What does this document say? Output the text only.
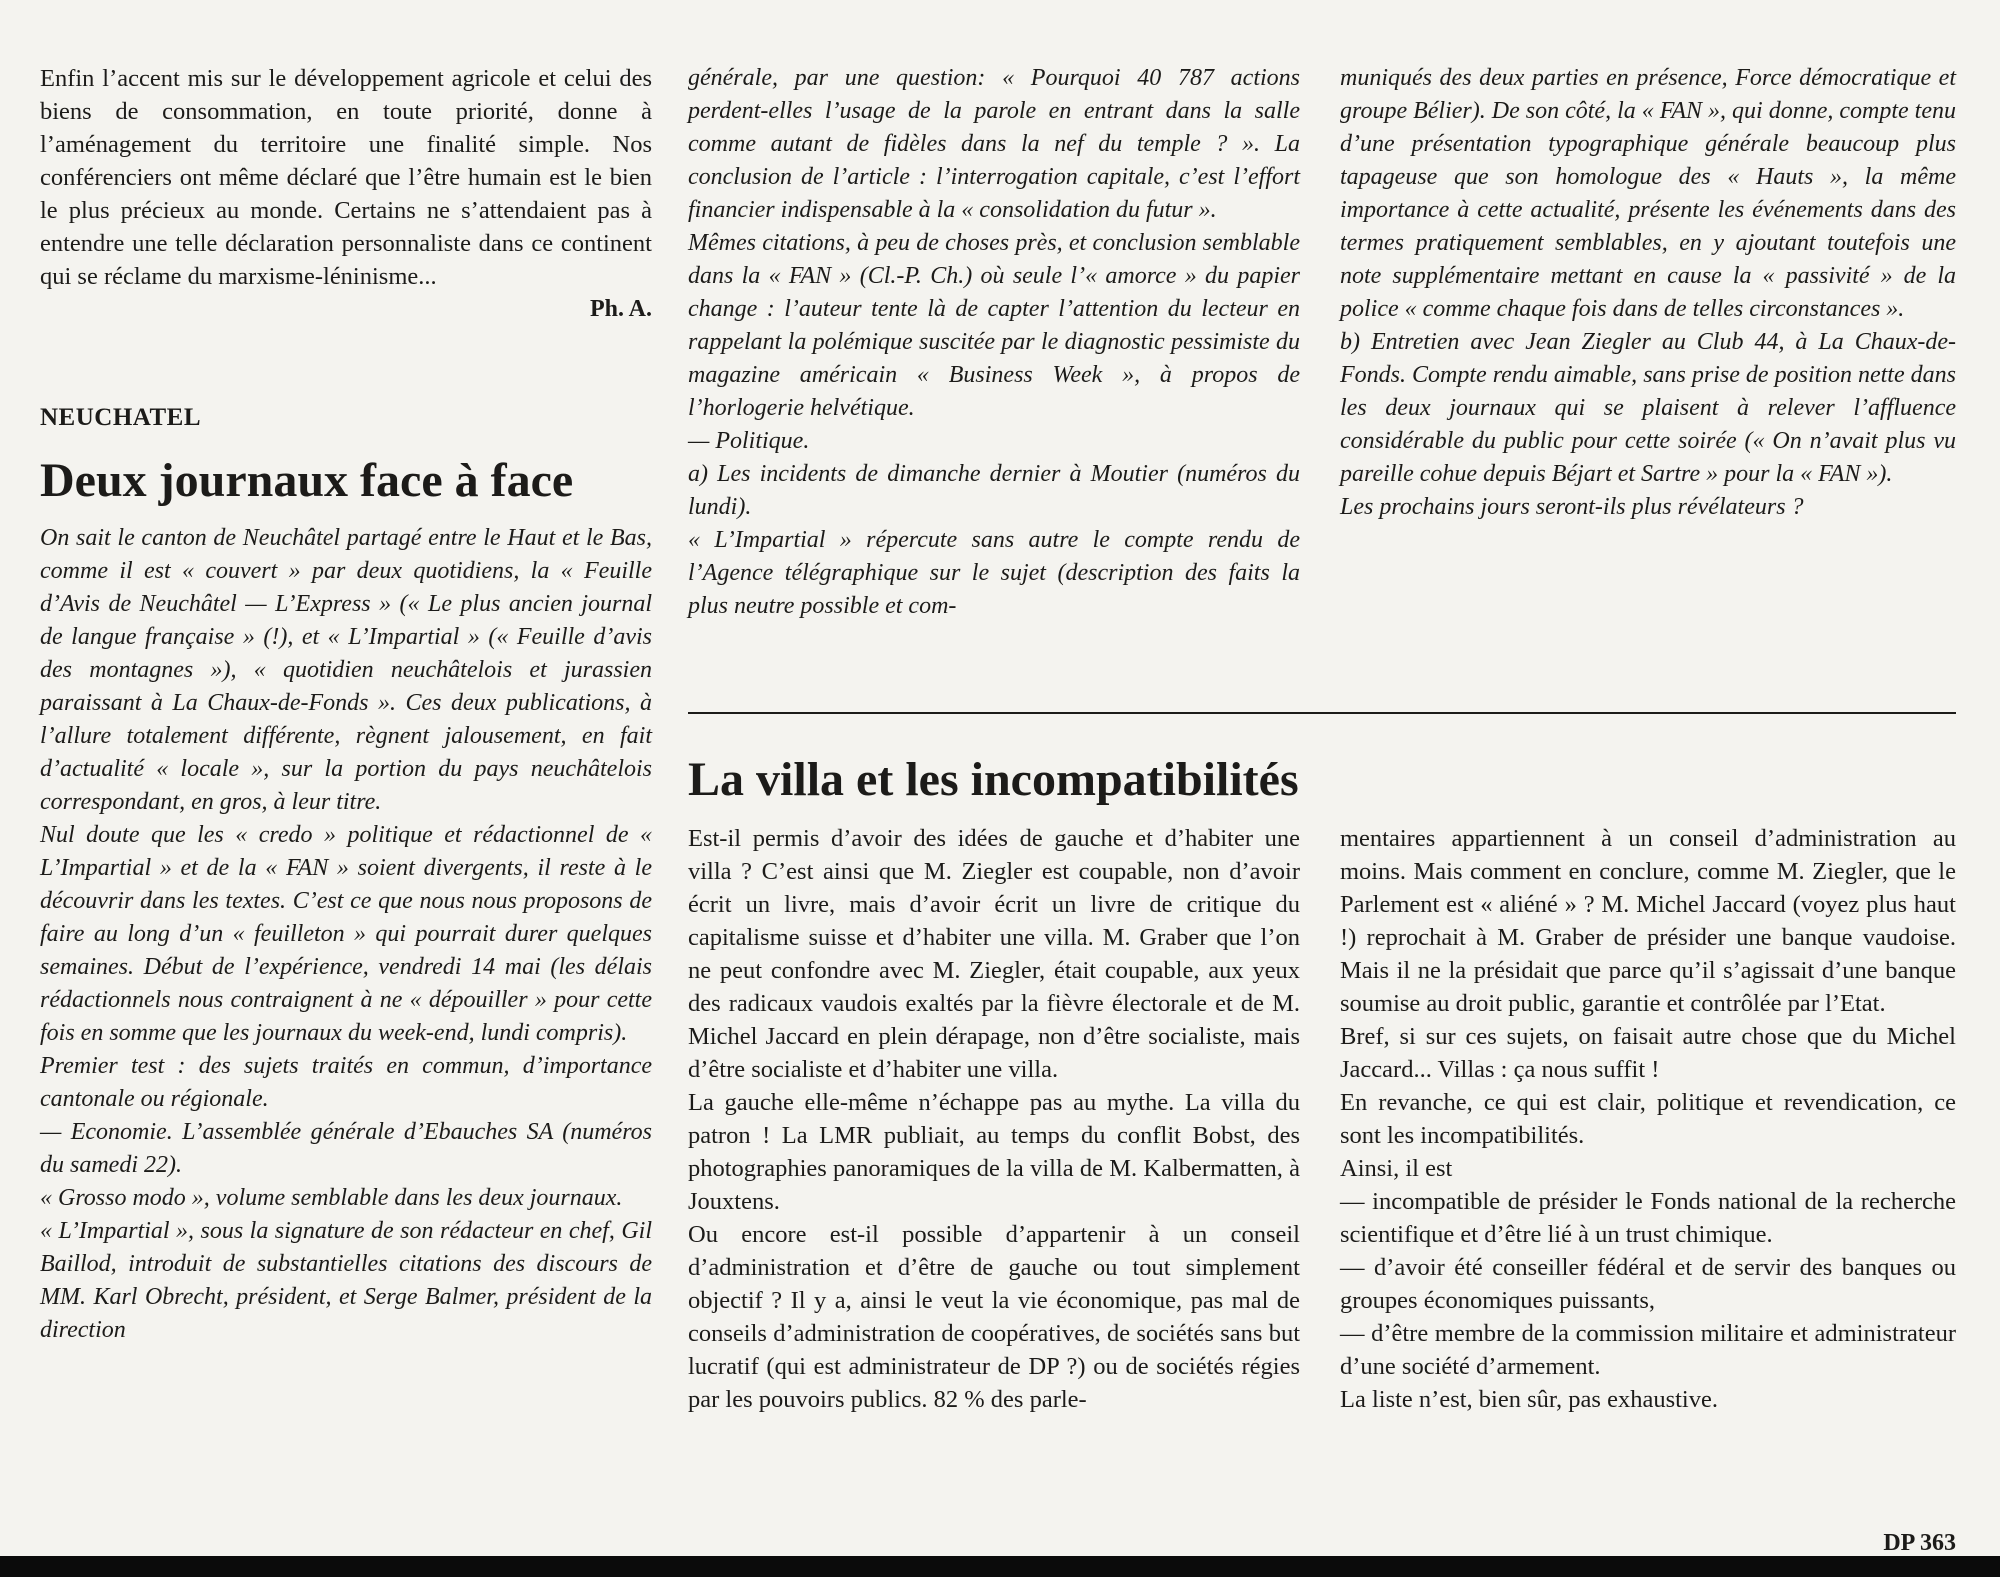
Enfin l’accent mis sur le développement agricole et celui des biens de consommation, en toute priorité, donne à l’aménagement du territoire une finalité simple. Nos conférenciers ont même déclaré que l’être humain est le bien le plus précieux au monde. Certains ne s’attendaient pas à entendre une telle déclaration personnaliste dans ce continent qui se réclame du marxisme-léninisme...

Ph. A.

NEUCHATEL

Deux journaux face à face

On sait le canton de Neuchâtel partagé entre le Haut et le Bas, comme il est « couvert » par deux quotidiens, la « Feuille d’Avis de Neuchâtel — L’Express » (« Le plus ancien journal de langue française » (!), et « L’Impartial » (« Feuille d’avis des montagnes »), « quotidien neuchâtelois et jurassien paraissant à La Chaux-de-Fonds ». Ces deux publications, à l’allure totalement différente, règnent jalousement, en fait d’actualité « locale », sur la portion du pays neuchâtelois correspondant, en gros, à leur titre.

Nul doute que les « credo » politique et rédactionnel de « L’Impartial » et de la « FAN » soient divergents, il reste à le découvrir dans les textes. C’est ce que nous nous proposons de faire au long d’un « feuilleton » qui pourrait durer quelques semaines. Début de l’expérience, vendredi 14 mai (les délais rédactionnels nous contraignent à ne « dépouiller » pour cette fois en somme que les journaux du week-end, lundi compris).

Premier test : des sujets traités en commun, d’importance cantonale ou régionale.

— Economie. L’assemblée générale d’Ebauches SA (numéros du samedi 22).

« Grosso modo », volume semblable dans les deux journaux.

« L’Impartial », sous la signature de son rédacteur en chef, Gil Baillod, introduit de substantielles citations des discours de MM. Karl Obrecht, président, et Serge Balmer, président de la direction

générale, par une question: « Pourquoi 40 787 actions perdent-elles l’usage de la parole en entrant dans la salle comme autant de fidèles dans la nef du temple ? ». La conclusion de l’article : l’interrogation capitale, c’est l’effort financier indispensable à la « consolidation du futur ».

Mêmes citations, à peu de choses près, et conclusion semblable dans la « FAN » (Cl.-P. Ch.) où seule l’« amorce » du papier change : l’auteur tente là de capter l’attention du lecteur en rappelant la polémique suscitée par le diagnostic pessimiste du magazine américain « Business Week », à propos de l’horlogerie helvétique.

— Politique.

a) Les incidents de dimanche dernier à Moutier (numéros du lundi).

« L’Impartial » répercute sans autre le compte rendu de l’Agence télégraphique sur le sujet (description des faits la plus neutre possible et com-

muniqués des deux parties en présence, Force démocratique et groupe Bélier). De son côté, la « FAN », qui donne, compte tenu d’une présentation typographique générale beaucoup plus tapageuse que son homologue des « Hauts », la même importance à cette actualité, présente les événements dans des termes pratiquement semblables, en y ajoutant toutefois une note supplémentaire mettant en cause la « passivité » de la police « comme chaque fois dans de telles circonstances ».

b) Entretien avec Jean Ziegler au Club 44, à La Chaux-de-Fonds. Compte rendu aimable, sans prise de position nette dans les deux journaux qui se plaisent à relever l’affluence considérable du public pour cette soirée (« On n’avait plus vu pareille cohue depuis Béjart et Sartre » pour la « FAN »).

Les prochains jours seront-ils plus révélateurs ?

La villa et les incompatibilités

Est-il permis d’avoir des idées de gauche et d’habiter une villa ? C’est ainsi que M. Ziegler est coupable, non d’avoir écrit un livre, mais d’avoir écrit un livre de critique du capitalisme suisse et d’habiter une villa. M. Graber que l’on ne peut confondre avec M. Ziegler, était coupable, aux yeux des radicaux vaudois exaltés par la fièvre électorale et de M. Michel Jaccard en plein dérapage, non d’être socialiste, mais d’être socialiste et d’habiter une villa.

La gauche elle-même n’échappe pas au mythe. La villa du patron ! La LMR publiait, au temps du conflit Bobst, des photographies panoramiques de la villa de M. Kalbermatten, à Jouxtens.

Ou encore est-il possible d’appartenir à un conseil d’administration et d’être de gauche ou tout simplement objectif ? Il y a, ainsi le veut la vie économique, pas mal de conseils d’administration de coopératives, de sociétés sans but lucratif (qui est administrateur de DP ?) ou de sociétés régies par les pouvoirs publics. 82 % des parle-

mentaires appartiennent à un conseil d’administration au moins. Mais comment en conclure, comme M. Ziegler, que le Parlement est « aliéné » ? M. Michel Jaccard (voyez plus haut !) reprochait à M. Graber de présider une banque vaudoise. Mais il ne la présidait que parce qu’il s’agissait d’une banque soumise au droit public, garantie et contrôlée par l’Etat.

Bref, si sur ces sujets, on faisait autre chose que du Michel Jaccard... Villas : ça nous suffit !

En revanche, ce qui est clair, politique et revendication, ce sont les incompatibilités.

Ainsi, il est

— incompatible de présider le Fonds national de la recherche scientifique et d’être lié à un trust chimique.

— d’avoir été conseiller fédéral et de servir des banques ou groupes économiques puissants,

— d’être membre de la commission militaire et administrateur d’une société d’armement.

La liste n’est, bien sûr, pas exhaustive.

DP 363
